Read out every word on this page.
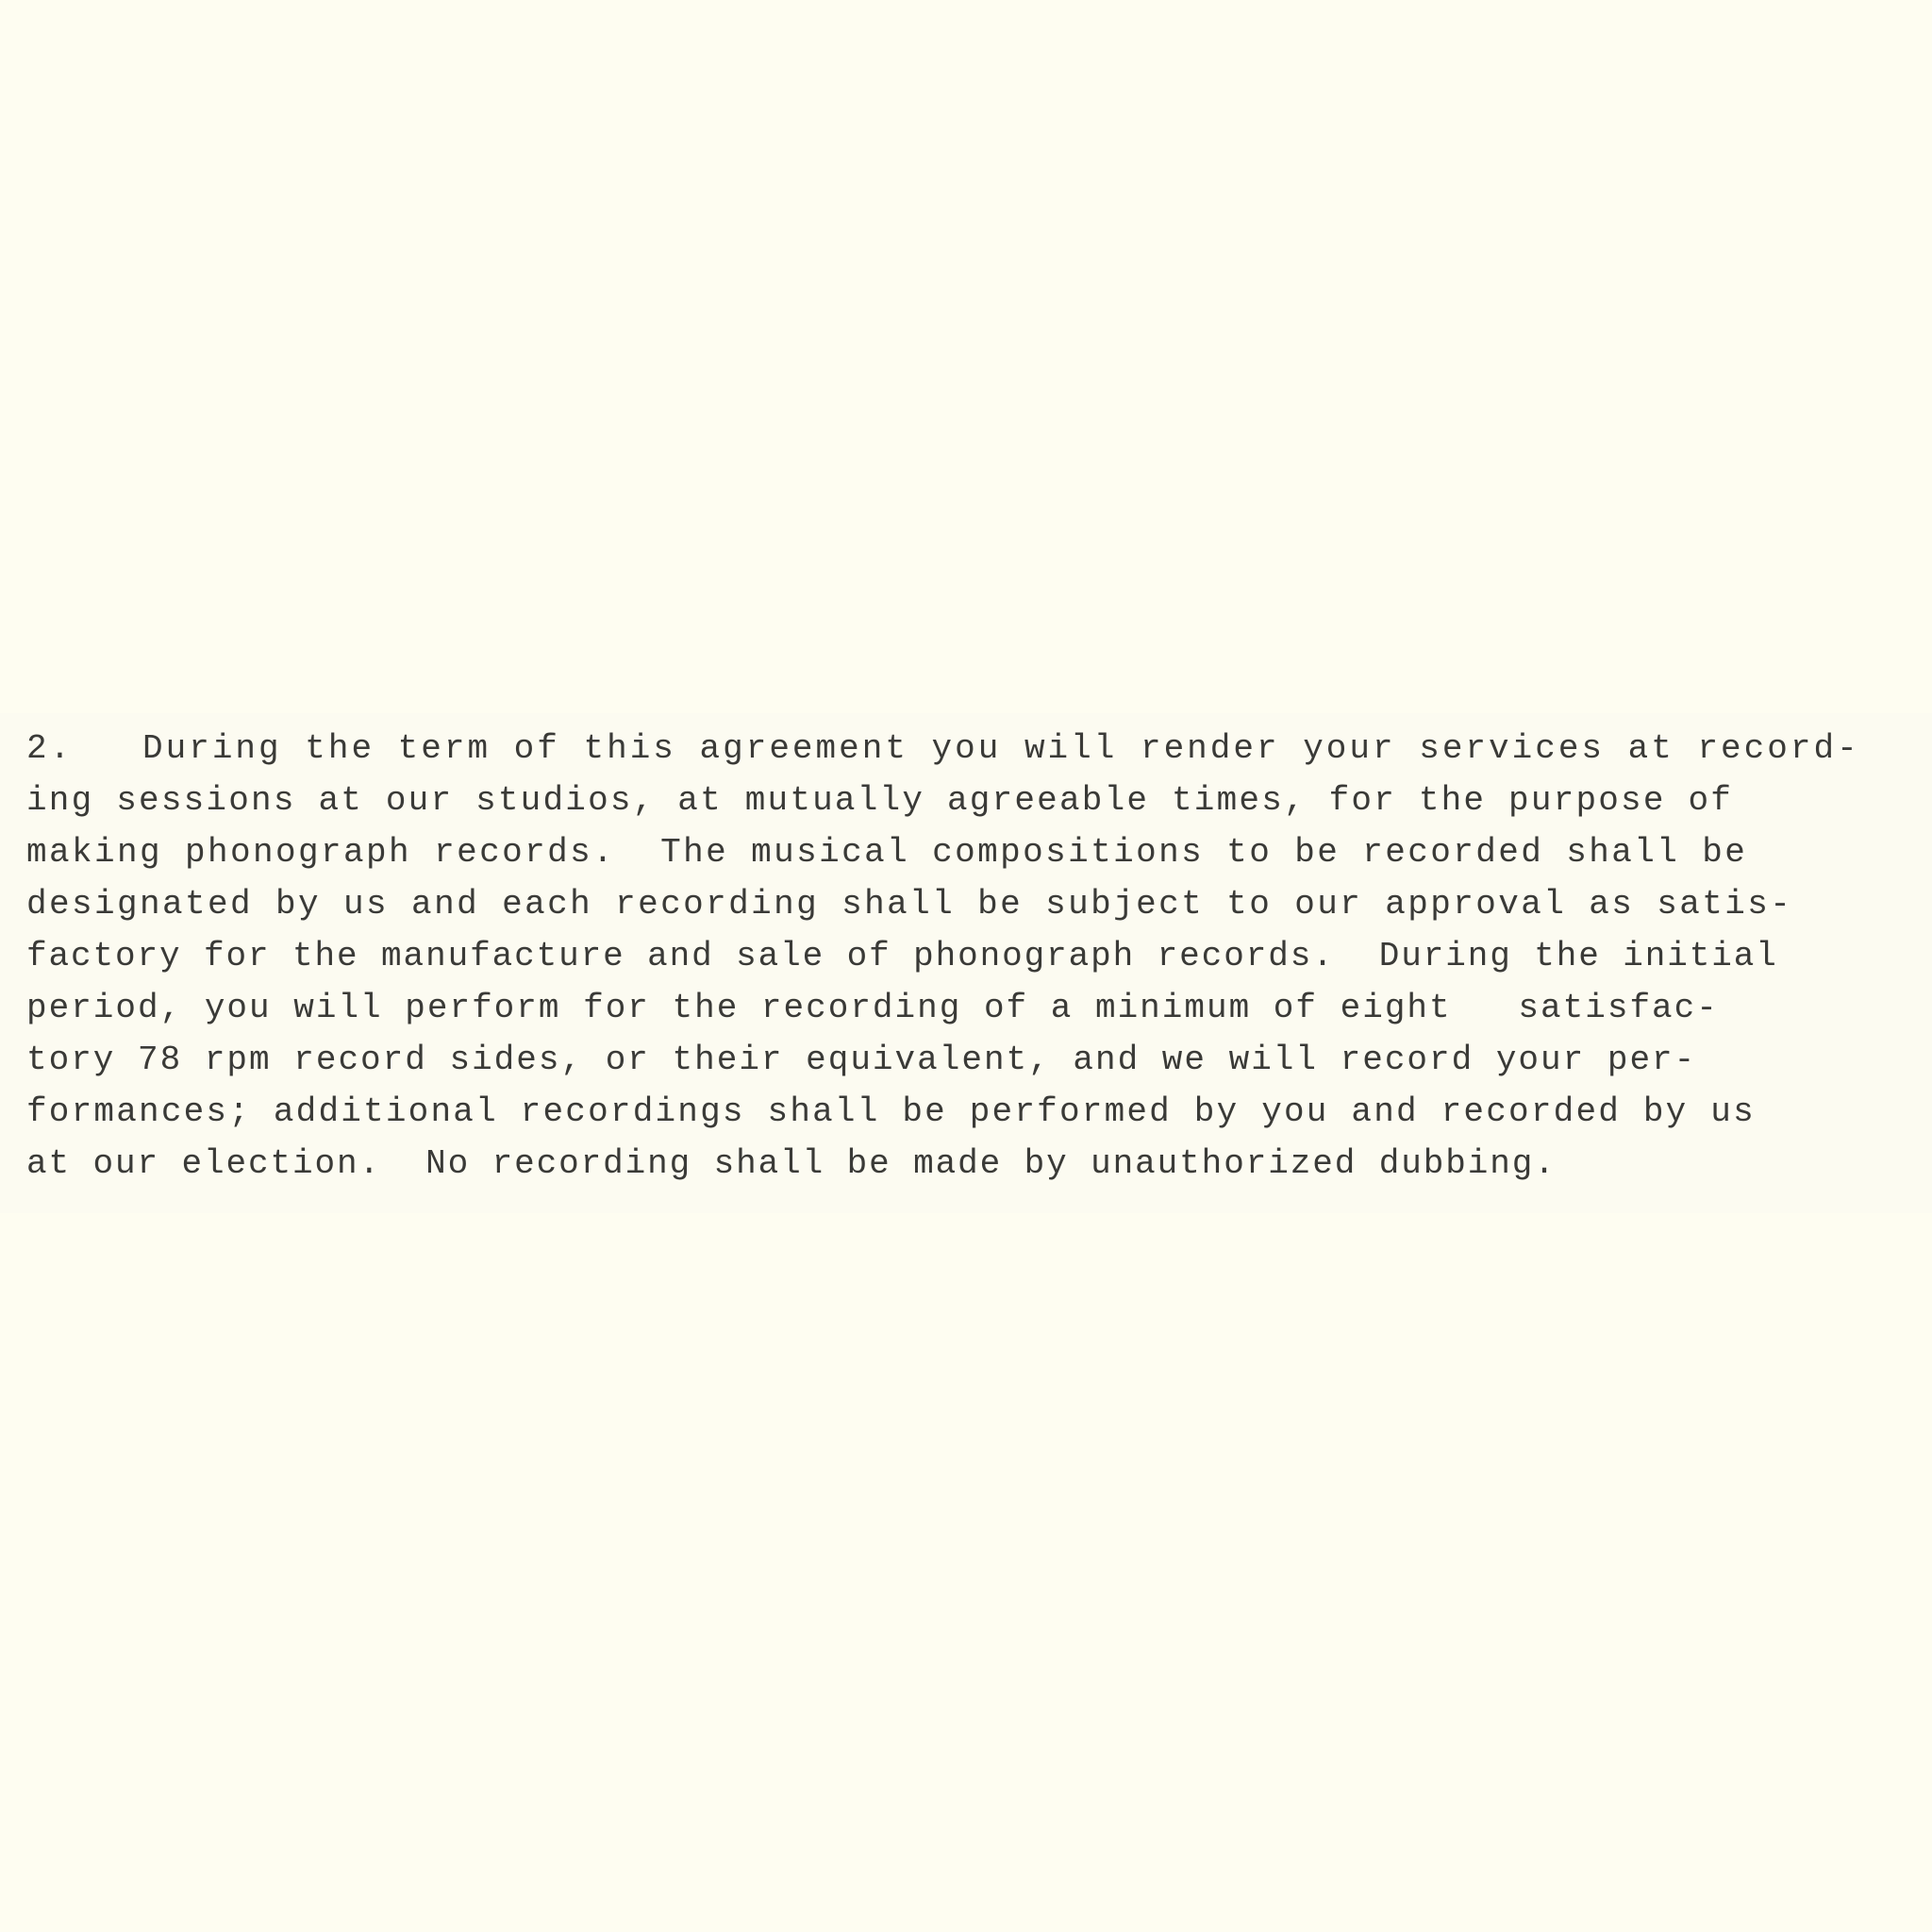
2.   During the term of this agreement you will render your services at record-
ing sessions at our studios, at mutually agreeable times, for the purpose of
making phonograph records.  The musical compositions to be recorded shall be
designated by us and each recording shall be subject to our approval as satis-
factory for the manufacture and sale of phonograph records.  During the initial
period, you will perform for the recording of a minimum of eight   satisfac-
tory 78 rpm record sides, or their equivalent, and we will record your per-
formances; additional recordings shall be performed by you and recorded by us
at our election.  No recording shall be made by unauthorized dubbing.
